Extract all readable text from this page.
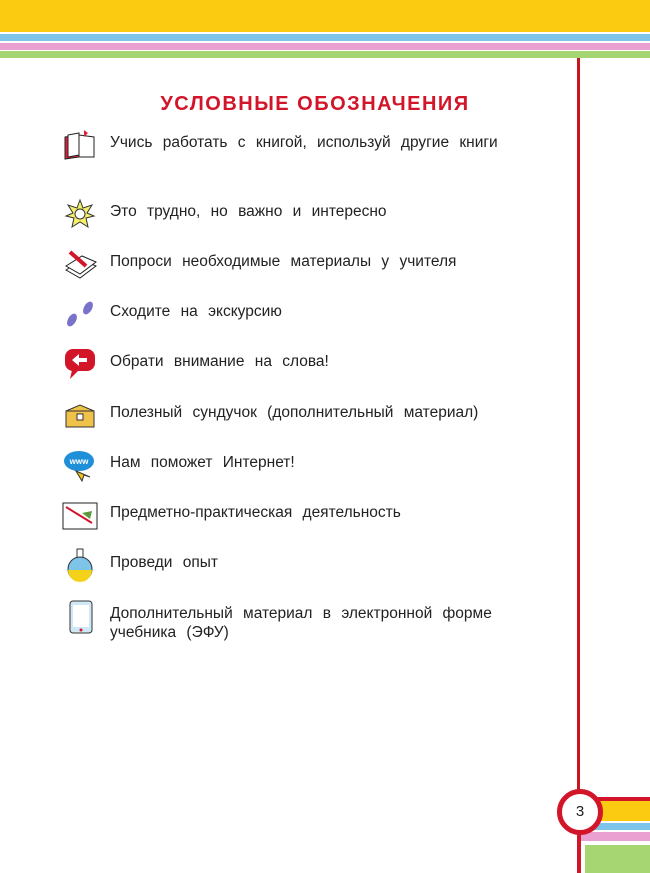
УСЛОВНЫЕ ОБОЗНАЧЕНИЯ
Учись работать с книгой, используй другие книги
Это трудно, но важно и интересно
Попроси необходимые материалы у учителя
Сходите на экскурсию
Обрати внимание на слова!
Полезный сундучок (дополнительный материал)
www Нам поможет Интернет!
Предметно-практическая деятельность
Проведи опыт
Дополнительный материал в электронной форме учебника (ЭФУ)
3
